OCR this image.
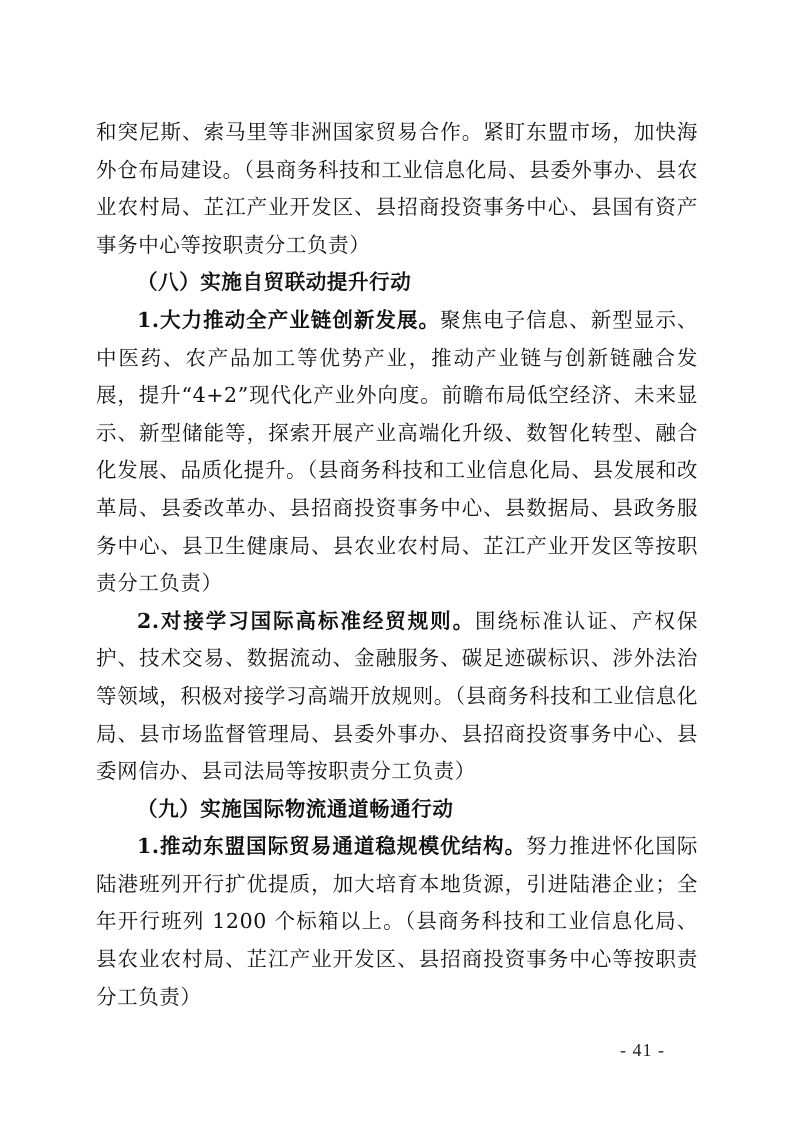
和突尼斯、索马里等非洲国家贸易合作。紧盯东盟市场，加快海外仓布局建设。（县商务科技和工业信息化局、县委外事办、县农业农村局、芷江产业开发区、县招商投资事务中心、县国有资产事务中心等按职责分工负责）

（八）实施自贸联动提升行动

1.大力推动全产业链创新发展。聚焦电子信息、新型显示、中医药、农产品加工等优势产业，推动产业链与创新链融合发展，提升“4+2”现代化产业外向度。前瞻布局低空经济、未来显示、新型储能等，探索开展产业高端化升级、数智化转型、融合化发展、品质化提升。（县商务科技和工业信息化局、县发展和改革局、县委改革办、县招商投资事务中心、县数据局、县政务服务中心、县卫生健康局、县农业农村局、芷江产业开发区等按职责分工负责）

2.对接学习国际高标准经贸规则。围绕标准认证、产权保护、技术交易、数据流动、金融服务、碳足迹碳标识、涉外法治等领域，积极对接学习高端开放规则。（县商务科技和工业信息化局、县市场监督管理局、县委外事办、县招商投资事务中心、县委网信办、县司法局等按职责分工负责）

（九）实施国际物流通道畅通行动

1.推动东盟国际贸易通道稳规模优结构。努力推进怀化国际陆港班列开行扩优提质，加大培育本地货源，引进陆港企业；全年开行班列 1200 个标箱以上。（县商务科技和工业信息化局、县农业农村局、芷江产业开发区、县招商投资事务中心等按职责分工负责）

- 41 -
